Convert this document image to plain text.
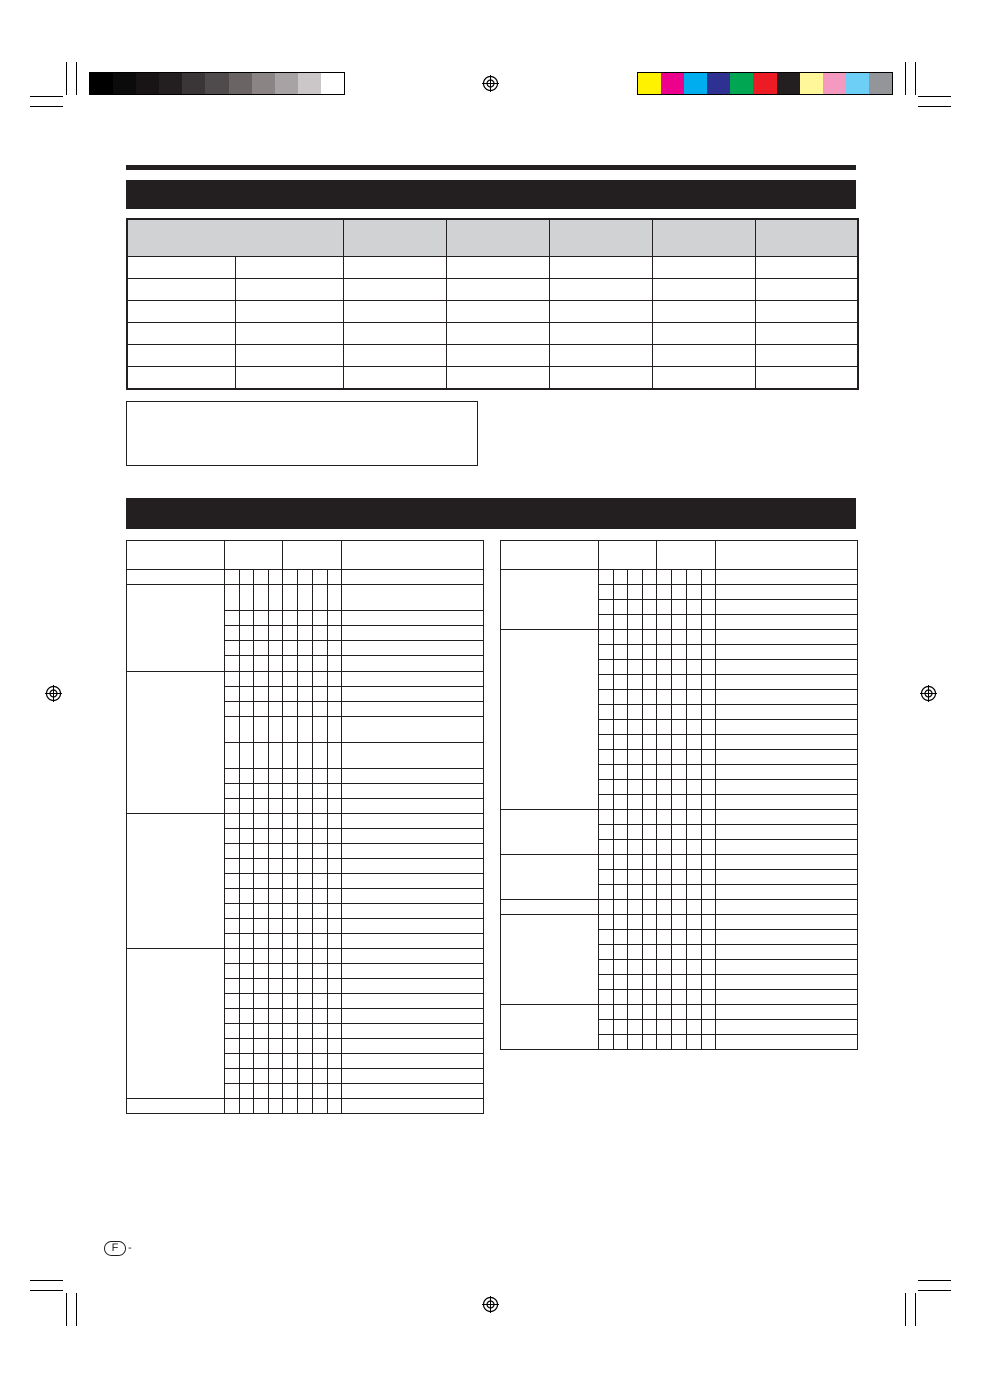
F -
